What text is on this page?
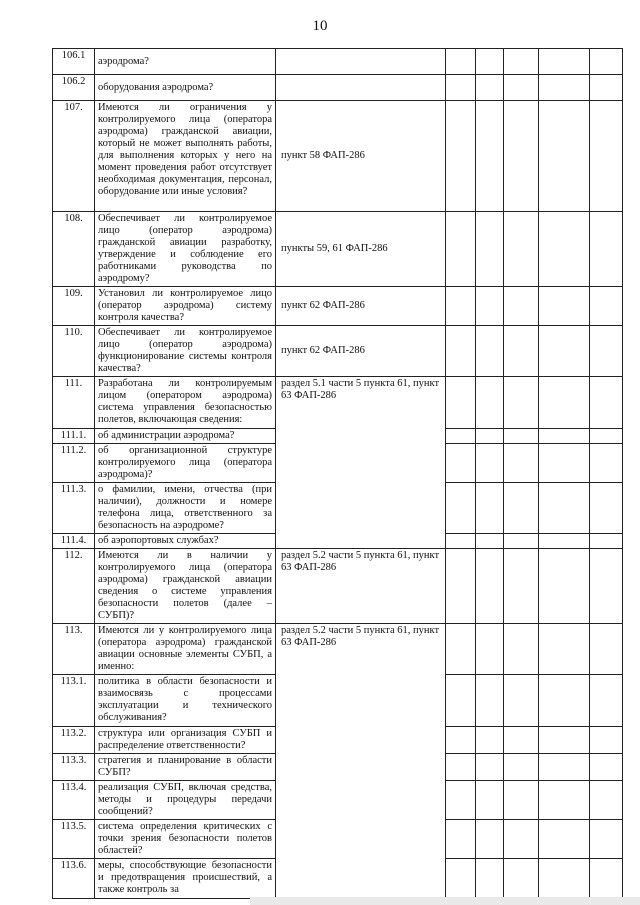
10
106.1	аэродрома?						
106.2	оборудования аэродрома?						
107.	Имеются ли ограничения у контролируемого лица (оператора аэродрома) гражданской авиации, который не может выполнять работы, для выполнения которых у него на момент проведения работ отсутствует необходимая документация, персонал, оборудование или иные условия?	пункт 58 ФАП-286					
108.	Обеспечивает ли контролируемое лицо (оператор аэродрома) гражданской авиации разработку, утверждение и соблюдение его работниками руководства по аэродрому?	пункты 59, 61 ФАП-286					
109.	Установил ли контролируемое лицо (оператор аэродрома) систему контроля качества?	пункт 62 ФАП-286					
110.	Обеспечивает ли контролируемое лицо (оператор аэродрома) функционирование системы контроля качества?	пункт 62 ФАП-286					
111.	Разработана ли контролируемым лицом (оператором аэродрома) система управления безопасностью полетов, включающая сведения:	раздел 5.1 части 5 пункта 61, пункт 63 ФАП-286					
111.1.	об администрации аэродрома?						
111.2.	об организационной структуре контролируемого лица (оператора аэродрома)?						
111.3.	о фамилии, имени, отчества (при наличии), должности и номере телефона лица, ответственного за безопасность на аэродроме?						
111.4.	об аэропортовых службах?						
112.	Имеются ли в наличии у контролируемого лица (оператора аэродрома) гражданской авиации сведения о системе управления безопасности полетов (далее – СУБП)?	раздел 5.2 части 5 пункта 61, пункт 63 ФАП-286					
113.	Имеются ли у контролируемого лица (оператора аэродрома) гражданской авиации основные элементы СУБП, а именно:	раздел 5.2 части 5 пункта 61, пункт 63 ФАП-286					
113.1.	политика в области безопасности и взаимосвязь с процессами эксплуатации и технического обслуживания?						
113.2.	структура или организация СУБП и распределение ответственности?						
113.3.	стратегия и планирование в области СУБП?						
113.4.	реализация СУБП, включая средства, методы и процедуры передачи сообщений?						
113.5.	система определения критических с точки зрения безопасности полетов областей?						
113.6.	меры, способствующие безопасности и предотвращения происшествий, а также контроль за						
